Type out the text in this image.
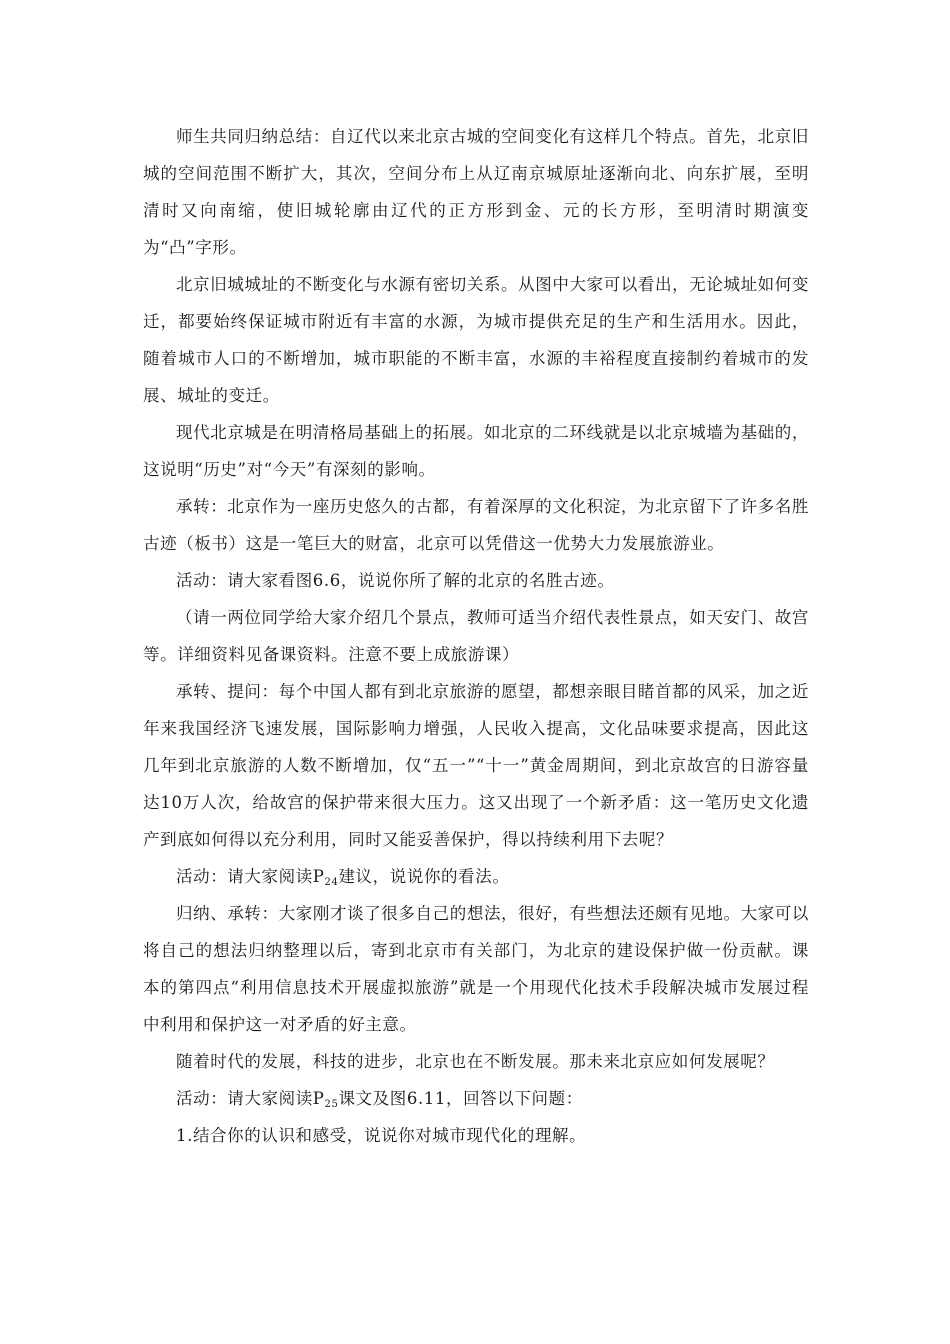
师生共同归纳总结：自辽代以来北京古城的空间变化有这样几个特点。首先，北京旧城的空间范围不断扩大，其次，空间分布上从辽南京城原址逐渐向北、向东扩展，至明清时又向南缩，使旧城轮廓由辽代的正方形到金、元的长方形，至明清时期演变为“凸”字形。

北京旧城城址的不断变化与水源有密切关系。从图中大家可以看出，无论城址如何变迁，都要始终保证城市附近有丰富的水源，为城市提供充足的生产和生活用水。因此，随着城市人口的不断增加，城市职能的不断丰富，水源的丰裕程度直接制约着城市的发展、城址的变迁。

现代北京城是在明清格局基础上的拓展。如北京的二环线就是以北京城墙为基础的，这说明“历史”对“今天”有深刻的影响。

承转：北京作为一座历史悠久的古都，有着深厚的文化积淀，为北京留下了许多名胜古迹（板书）这是一笔巨大的财富，北京可以凭借这一优势大力发展旅游业。

活动：请大家看图6.6，说说你所了解的北京的名胜古迹。

（请一两位同学给大家介绍几个景点，教师可适当介绍代表性景点，如天安门、故宫等。详细资料见备课资料。注意不要上成旅游课）

承转、提问：每个中国人都有到北京旅游的愿望，都想亲眼目睹首都的风采，加之近年来我国经济飞速发展，国际影响力增强，人民收入提高，文化品味要求提高，因此这几年到北京旅游的人数不断增加，仅“五一”“十一”黄金周期间，到北京故宫的日游容量达10万人次，给故宫的保护带来很大压力。这又出现了一个新矛盾：这一笔历史文化遗产到底如何得以充分利用，同时又能妥善保护，得以持续利用下去呢？

活动：请大家阅读$P_{24}$建议，说说你的看法。

归纳、承转：大家刚才谈了很多自己的想法，很好，有些想法还颇有见地。大家可以将自己的想法归纳整理以后，寄到北京市有关部门，为北京的建设保护做一份贡献。课本的第四点“利用信息技术开展虚拟旅游”就是一个用现代化技术手段解决城市发展过程中利用和保护这一对矛盾的好主意。

随着时代的发展，科技的进步，北京也在不断发展。那未来北京应如何发展呢？

活动：请大家阅读$P_{25}$课文及图6.11，回答以下问题：

1.结合你的认识和感受，说说你对城市现代化的理解。
